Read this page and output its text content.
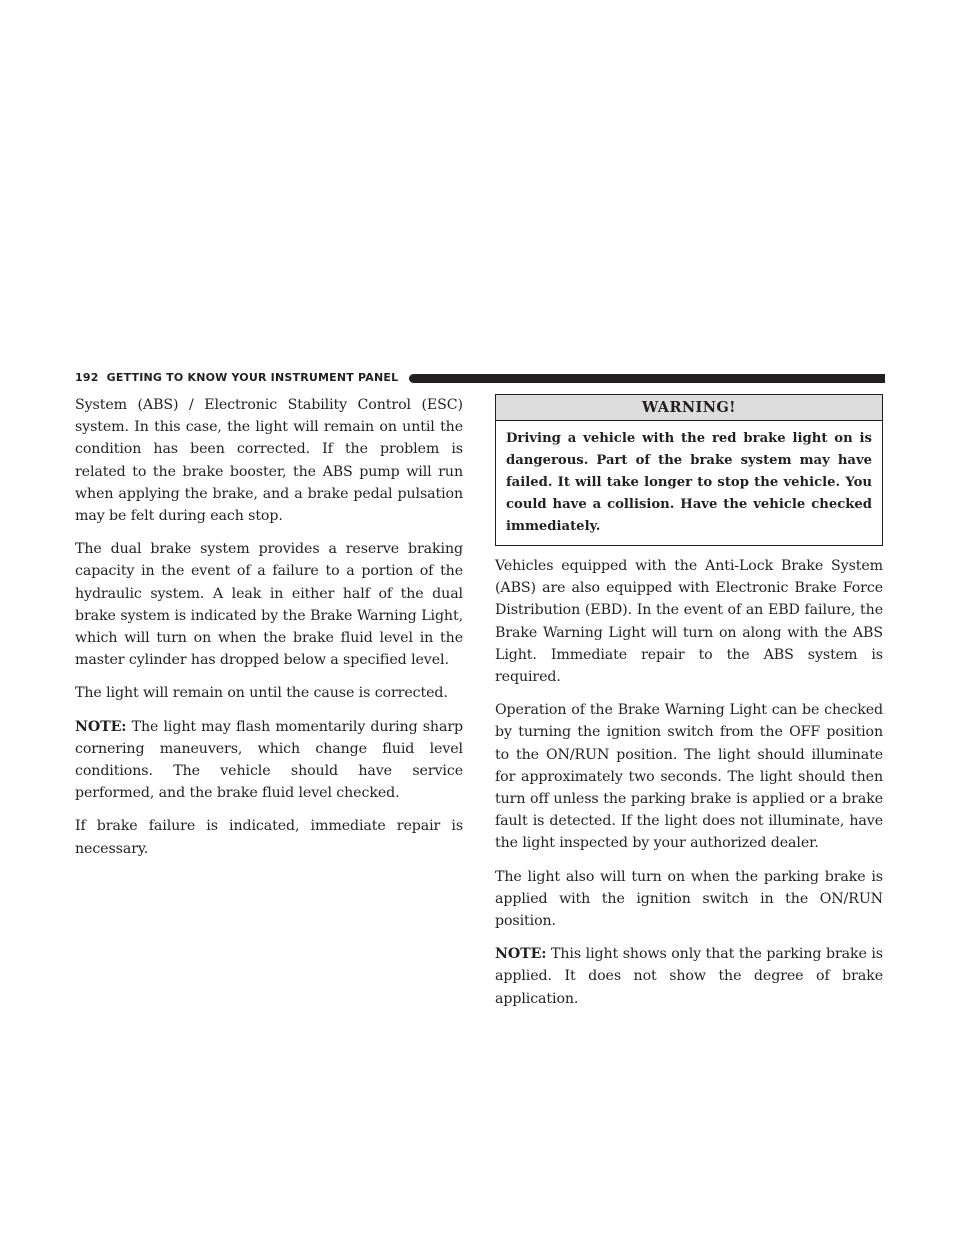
192 GETTING TO KNOW YOUR INSTRUMENT PANEL

System (ABS) / Electronic Stability Control (ESC) system. In this case, the light will remain on until the condition has been corrected. If the problem is related to the brake booster, the ABS pump will run when applying the brake, and a brake pedal pulsation may be felt during each stop.

The dual brake system provides a reserve braking capacity in the event of a failure to a portion of the hydraulic system. A leak in either half of the dual brake system is indicated by the Brake Warning Light, which will turn on when the brake fluid level in the master cylinder has dropped below a specified level.

The light will remain on until the cause is corrected.

NOTE: The light may flash momentarily during sharp cornering maneuvers, which change fluid level conditions. The vehicle should have service performed, and the brake fluid level checked.

If brake failure is indicated, immediate repair is necessary.

WARNING!
Driving a vehicle with the red brake light on is dangerous. Part of the brake system may have failed. It will take longer to stop the vehicle. You could have a collision. Have the vehicle checked immediately.

Vehicles equipped with the Anti-Lock Brake System (ABS) are also equipped with Electronic Brake Force Distribution (EBD). In the event of an EBD failure, the Brake Warning Light will turn on along with the ABS Light. Immediate repair to the ABS system is required.

Operation of the Brake Warning Light can be checked by turning the ignition switch from the OFF position to the ON/RUN position. The light should illuminate for approximately two seconds. The light should then turn off unless the parking brake is applied or a brake fault is detected. If the light does not illuminate, have the light inspected by your authorized dealer.

The light also will turn on when the parking brake is applied with the ignition switch in the ON/RUN position.

NOTE: This light shows only that the parking brake is applied. It does not show the degree of brake application.
